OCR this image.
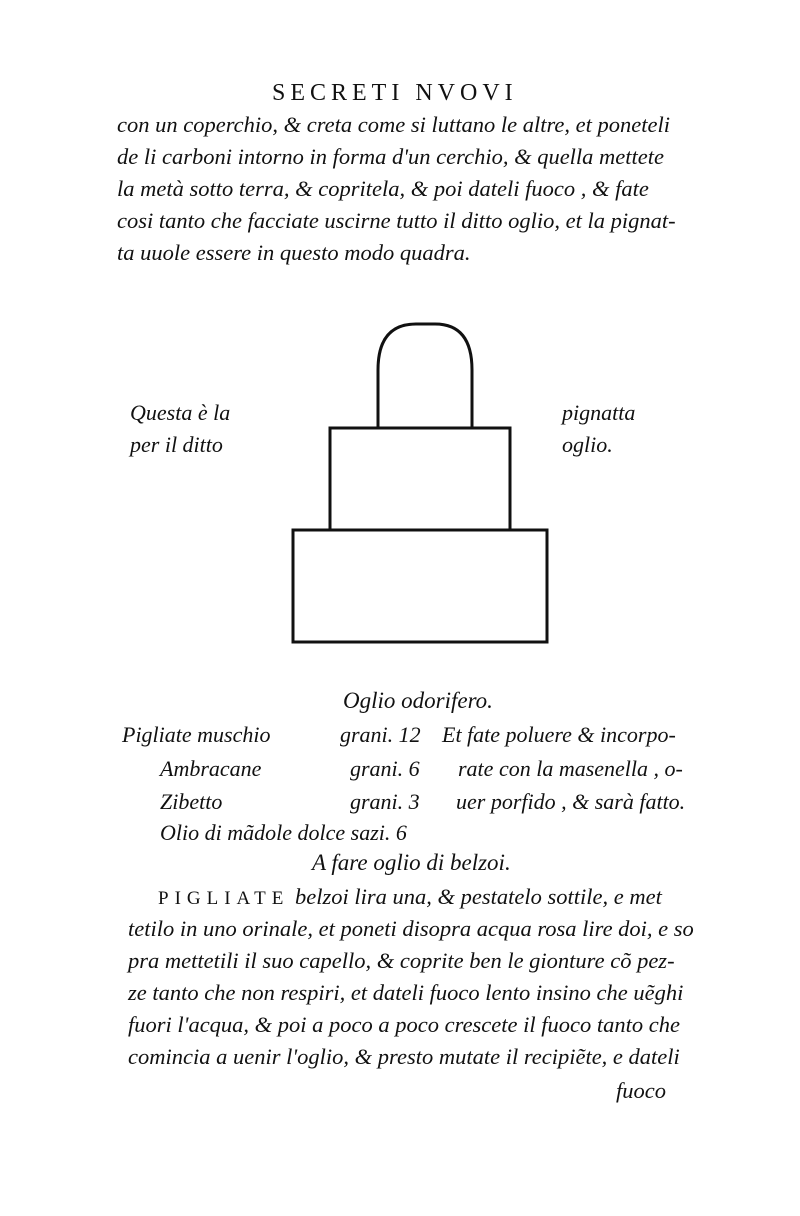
SECRETI NVOVI
con un coperchio, & creta come si luttano le altre, et poneteli
de li carboni intorno in forma d'un cerchio, & quella mettete
la metà sotto terra, & copritela, & poi dateli fuoco , & fate
cosi tanto che facciate uscirne tutto il ditto oglio, et la pignat-
ta uuole essere in questo modo quadra.
Questa è la
per il ditto
pignatta
oglio.
Oglio odorifero.
Pigliate muschio
Ambracane
Zibetto
Olio di mãdole dolce sazi. 6
grani. 12
grani. 6
grani. 3
Et fate poluere & incorpo-
rate con la masenella , o-
uer porfido , & sarà fatto.
A fare oglio di belzoi.
PIGLIATE belzoi lira una, & pestatelo sottile, e met
tetilo in uno orinale, et poneti disopra acqua rosa lire doi, e so
pra mettetili il suo capello, & coprite ben le gionture cõ pez-
ze tanto che non respiri, et dateli fuoco lento insino che uẽghi
fuori l'acqua, & poi a poco a poco crescete il fuoco tanto che
comincia a uenir l'oglio, & presto mutate il recipiẽte, e dateli
fuoco
